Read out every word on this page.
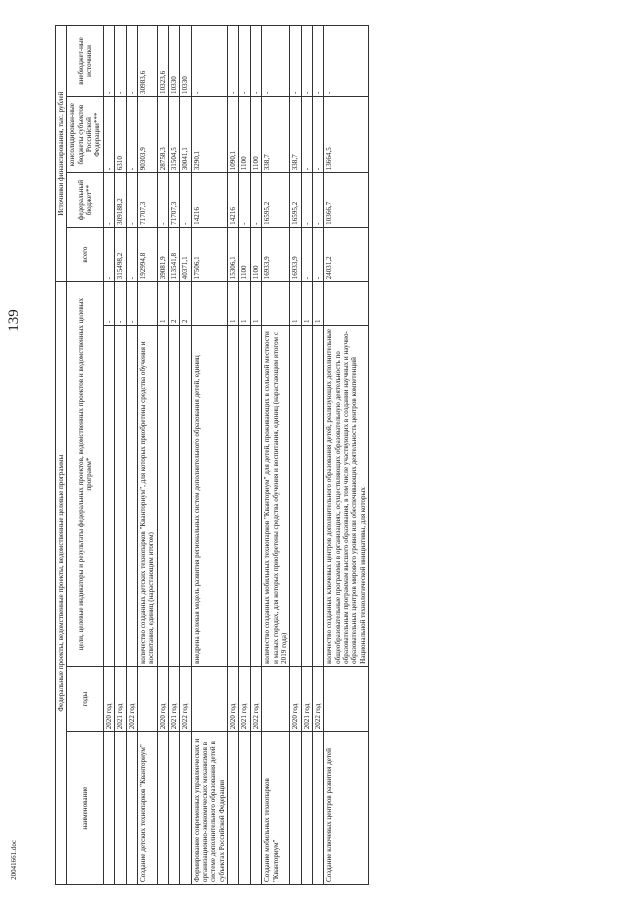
139
20041661.doc
Федеральные проекты, ведомственные проекты, ведомственные целевые программы				Источники финансирования, тыс. рублей			
наименование	годы	цели, целевые индикаторы и результаты федеральных проектов, ведомственных проектов и ведомственных целевых программ*		всего	федеральный бюджет**	консолидирован-ные бюджеты субъектов Российской Федерации***	внебюджет-ные источники
	2020 год		-	-	-	-	-
	2021 год		-	315498,2	309188,2	6310	-
	2022 год		-	-	-	-	-
Создание детских технопарков "Кванториум"		количество созданных детских технопарков "Кванториум", для которых приобретены средства обучения и воспитания, единиц (нарастающим итогом)		192994,8	71707,3	90303,9	30983,6
	2020 год		1	39081,9	-	28758,3	10323,6
	2021 год		2	113541,8	71707,3	31504,5	10330
	2022 год		2	40371,1	-	30041,1	10330
Формирование современных управленческих и организационно-экономических механизмов в системе дополнительного образования детей в субъектах Российской Федерации		внедрена целевая модель развития региональных систем дополнительного образования детей, единиц		17506,1	14216	3290,1	-
	2020 год		1	15306,1	14216	1090,1	-
	2021 год		1	1100	-	1100	-
	2022 год		1	1100	-	1100	-
Создание мобильных технопарков "Кванториум"		количество созданных мобильных технопарков "Кванториум" для детей, проживающих в сельской местности и малых городах, для которых приобретены средства обучения и воспитания, единиц (нарастающим итогом с 2019 года)		16933,9	16595,2	338,7	-
	2020 год		1	16933,9	16595,2	338,7	-
	2021 год		1	-	-	-	-
	2022 год		1	-	-	-	-
Создание ключевых центров развития детей		количество созданных ключевых центров дополнительного образования детей, реализующих дополнительные общеобразовательные программы в организациях, осуществляющих образовательную деятельность по образовательным программам высшего образования, в том числе участвующих в создании научных и научно-образовательных центров мирового уровня или обеспечивающих деятельность центров компетенций Национальной технологической инициативы, для которых		24031,2	10366,7	13664,5	-
